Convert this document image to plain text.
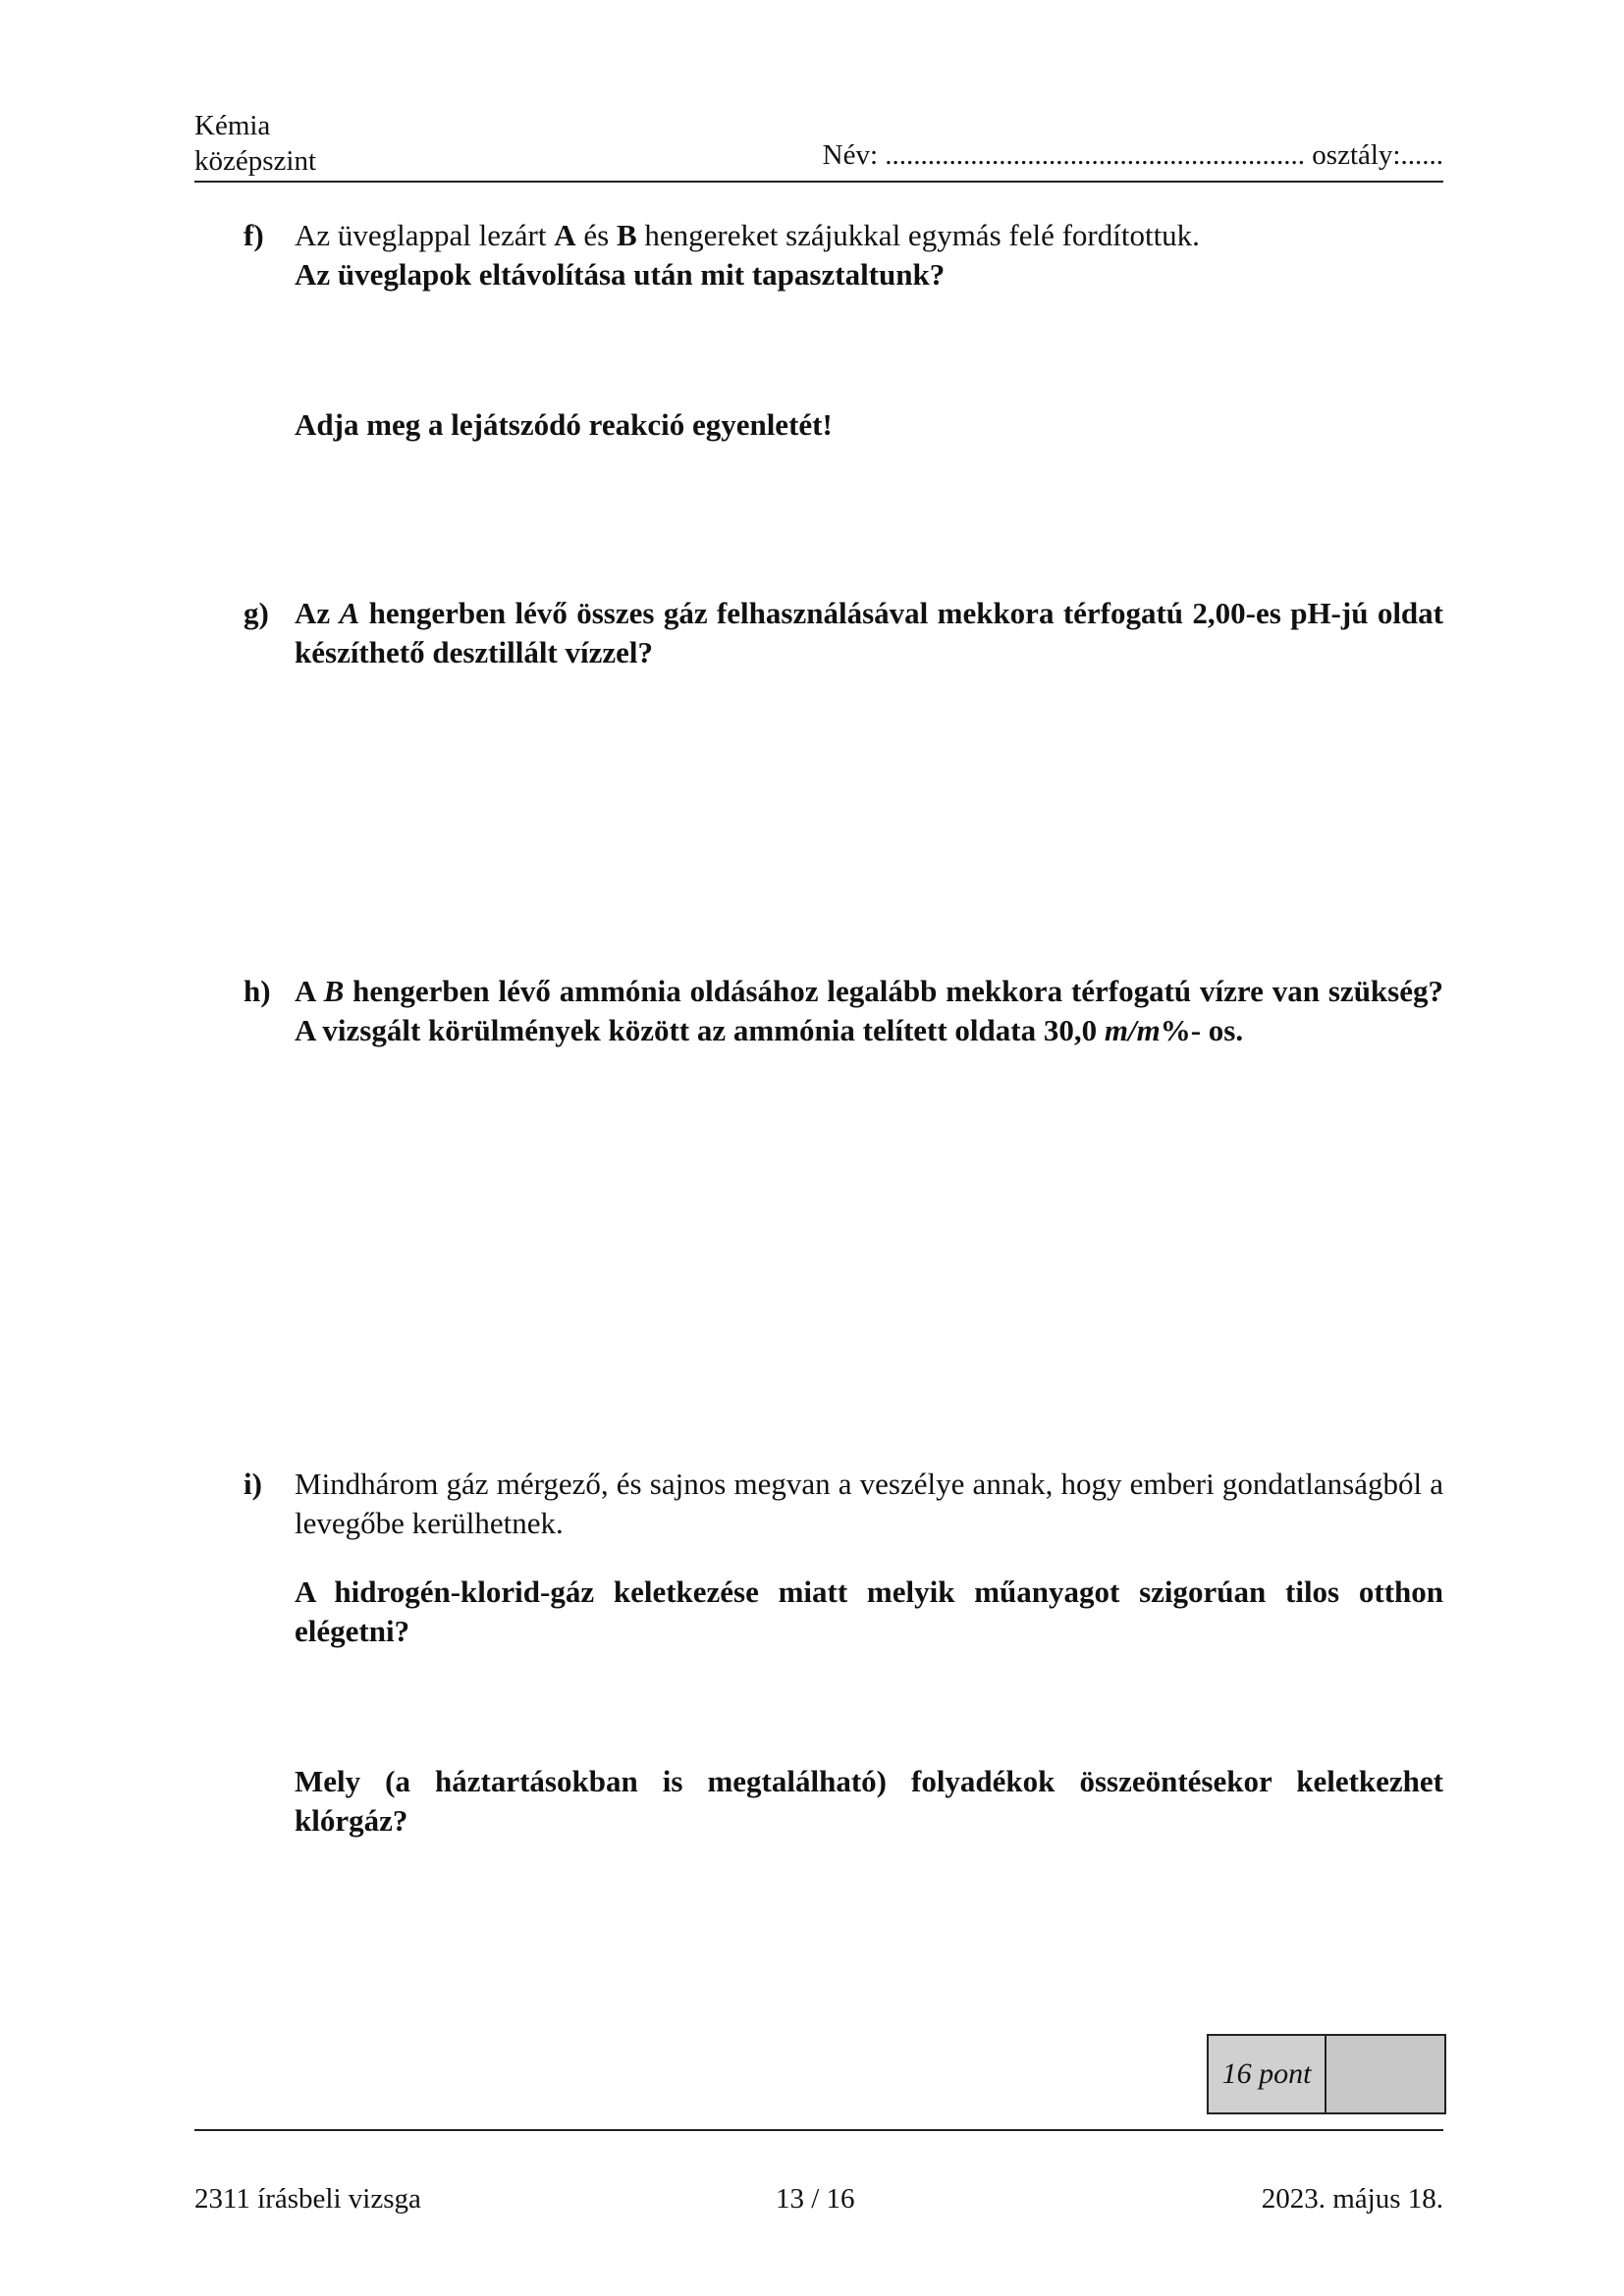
Kémia
középszint	Név: ........................................................... osztály:......
f) Az üveglappal lezárt A és B hengereket szájukkal egymás felé fordítottuk.
Az üveglapok eltávolítása után mit tapasztaltunk?
Adja meg a lejátszódó reakció egyenletét!
g) Az A hengerben lévő összes gáz felhasználásával mekkora térfogatú 2,00-es pH-jú oldat készíthető desztillált vízzel?
h) A B hengerben lévő ammónia oldásához legalább mekkora térfogatú vízre van szükség? A vizsgált körülmények között az ammónia telített oldata 30,0 m/m%- os.
i) Mindhárom gáz mérgező, és sajnos megvan a veszélye annak, hogy emberi gondatlanságból a levegőbe kerülhetnek.
A hidrogén-klorid-gáz keletkezése miatt melyik műanyagot szigorúan tilos otthon elégetni?
Mely (a háztartásokban is megtalálható) folyadékok összeöntésekor keletkezhet klórgáz?
16 pont
2311 írásbeli vizsga	13 / 16	2023. május 18.
